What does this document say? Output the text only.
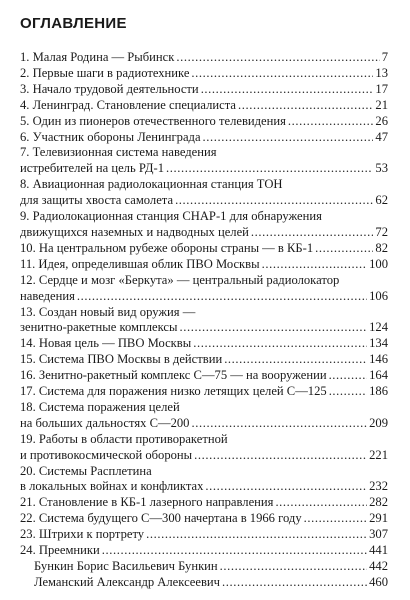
ОГЛАВЛЕНИЕ
1. Малая Родина — Рыбинск .....	7
2. Первые шаги в радиотехнике .....	13
3. Начало трудовой деятельности .....	17
4. Ленинград. Становление специалиста .....	21
5. Один из пионеров отечественного телевидения .....	26
6. Участник обороны Ленинграда .....	47
7. Телевизионная система наведения
истребителей на цель РД-1 .....	53
8. Авиационная радиолокационная станция ТОН
для защиты хвоста самолета .....	62
9. Радиолокационная станция СНАР-1 для обнаружения
движущихся наземных и надводных целей .....	72
10. На центральном рубеже обороны страны — в КБ-1 .....	82
11. Идея, определившая облик ПВО Москвы .....	100
12. Сердце и мозг «Беркута» — центральный радиолокатор
наведения .....	106
13. Создан новый вид оружия —
зенитно-ракетные комплексы .....	124
14. Новая цель — ПВО Москвы .....	134
15. Система ПВО Москвы в действии .....	146
16. Зенитно-ракетный комплекс С—75 — на вооружении .....	164
17. Система для поражения низко летящих целей С—125 .....	186
18. Система поражения целей
на больших дальностях С—200 .....	209
19. Работы в области противоракетной
и противокосмической обороны .....	221
20. Системы Расплетина
в локальных войнах и конфликтах .....	232
21. Становление в КБ-1 лазерного направления .....	282
22. Система будущего С—300 начертана в 1966 году .....	291
23. Штрихи к портрету .....	307
24. Преемники .....	441
Бункин Борис Васильевич Бункин .....	442
Леманский Александр Алексеевич .....	460
